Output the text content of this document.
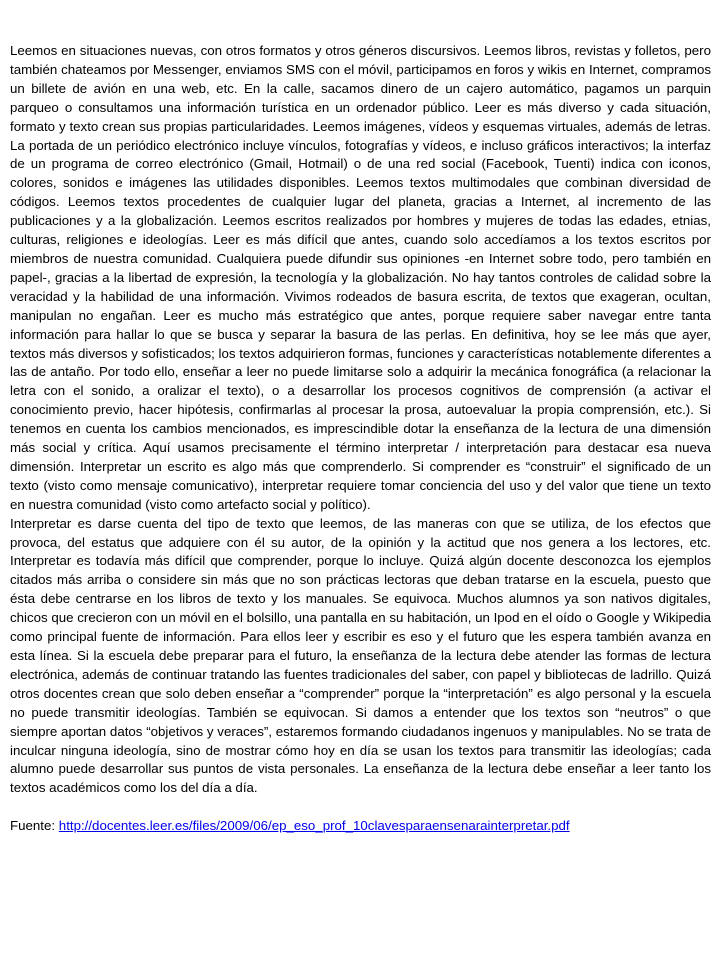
Leemos en situaciones nuevas, con otros formatos y otros géneros discursivos. Leemos libros, revistas y folletos, pero también chateamos por Messenger, enviamos SMS con el móvil, participamos en foros y wikis en Internet, compramos un billete de avión en una web, etc. En la calle, sacamos dinero de un cajero automático, pagamos un parquin parqueo o consultamos una información turística en un ordenador público. Leer es más diverso y cada situación, formato y texto crean sus propias particularidades. Leemos imágenes, vídeos y esquemas virtuales, además de letras. La portada de un periódico electrónico incluye vínculos, fotografías y vídeos, e incluso gráficos interactivos; la interfaz de un programa de correo electrónico (Gmail, Hotmail) o de una red social (Facebook, Tuenti) indica con iconos, colores, sonidos e imágenes las utilidades disponibles. Leemos textos multimodales que combinan diversidad de códigos. Leemos textos procedentes de cualquier lugar del planeta, gracias a Internet, al incremento de las publicaciones y a la globalización. Leemos escritos realizados por hombres y mujeres de todas las edades, etnias, culturas, religiones e ideologías. Leer es más difícil que antes, cuando solo accedíamos a los textos escritos por miembros de nuestra comunidad. Cualquiera puede difundir sus opiniones -en Internet sobre todo, pero también en papel-, gracias a la libertad de expresión, la tecnología y la globalización. No hay tantos controles de calidad sobre la veracidad y la habilidad de una información. Vivimos rodeados de basura escrita, de textos que exageran, ocultan, manipulan no engañan. Leer es mucho más estratégico que antes, porque requiere saber navegar entre tanta información para hallar lo que se busca y separar la basura de las perlas. En definitiva, hoy se lee más que ayer, textos más diversos y sofisticados; los textos adquirieron formas, funciones y características notablemente diferentes a las de antaño. Por todo ello, enseñar a leer no puede limitarse solo a adquirir la mecánica fonográfica (a relacionar la letra con el sonido, a oralizar el texto), o a desarrollar los procesos cognitivos de comprensión (a activar el conocimiento previo, hacer hipótesis, confirmarlas al procesar la prosa, autoevaluar la propia comprensión, etc.). Si tenemos en cuenta los cambios mencionados, es imprescindible dotar la enseñanza de la lectura de una dimensión más social y crítica. Aquí usamos precisamente el término interpretar / interpretación para destacar esa nueva dimensión. Interpretar un escrito es algo más que comprenderlo. Si comprender es “construir” el significado de un texto (visto como mensaje comunicativo), interpretar requiere tomar conciencia del uso y del valor que tiene un texto en nuestra comunidad (visto como artefacto social y político).

Interpretar es darse cuenta del tipo de texto que leemos, de las maneras con que se utiliza, de los efectos que provoca, del estatus que adquiere con él su autor, de la opinión y la actitud que nos genera a los lectores, etc. Interpretar es todavía más difícil que comprender, porque lo incluye. Quizá algún docente desconozca los ejemplos citados más arriba o considere sin más que no son prácticas lectoras que deban tratarse en la escuela, puesto que ésta debe centrarse en los libros de texto y los manuales. Se equivoca. Muchos alumnos ya son nativos digitales, chicos que crecieron con un móvil en el bolsillo, una pantalla en su habitación, un Ipod en el oído o Google y Wikipedia como principal fuente de información. Para ellos leer y escribir es eso y el futuro que les espera también avanza en esta línea. Si la escuela debe preparar para el futuro, la enseñanza de la lectura debe atender las formas de lectura electrónica, además de continuar tratando las fuentes tradicionales del saber, con papel y bibliotecas de ladrillo. Quizá otros docentes crean que solo deben enseñar a “comprender” porque la “interpretación” es algo personal y la escuela no puede transmitir ideologías. También se equivocan. Si damos a entender que los textos son “neutros” o que siempre aportan datos “objetivos y veraces”, estaremos formando ciudadanos ingenuos y manipulables. No se trata de inculcar ninguna ideología, sino de mostrar cómo hoy en día se usan los textos para transmitir las ideologías; cada alumno puede desarrollar sus puntos de vista personales. La enseñanza de la lectura debe enseñar a leer tanto los textos académicos como los del día a día.

Fuente: http://docentes.leer.es/files/2009/06/ep_eso_prof_10clavesparaensenarainterpretar.pdf
